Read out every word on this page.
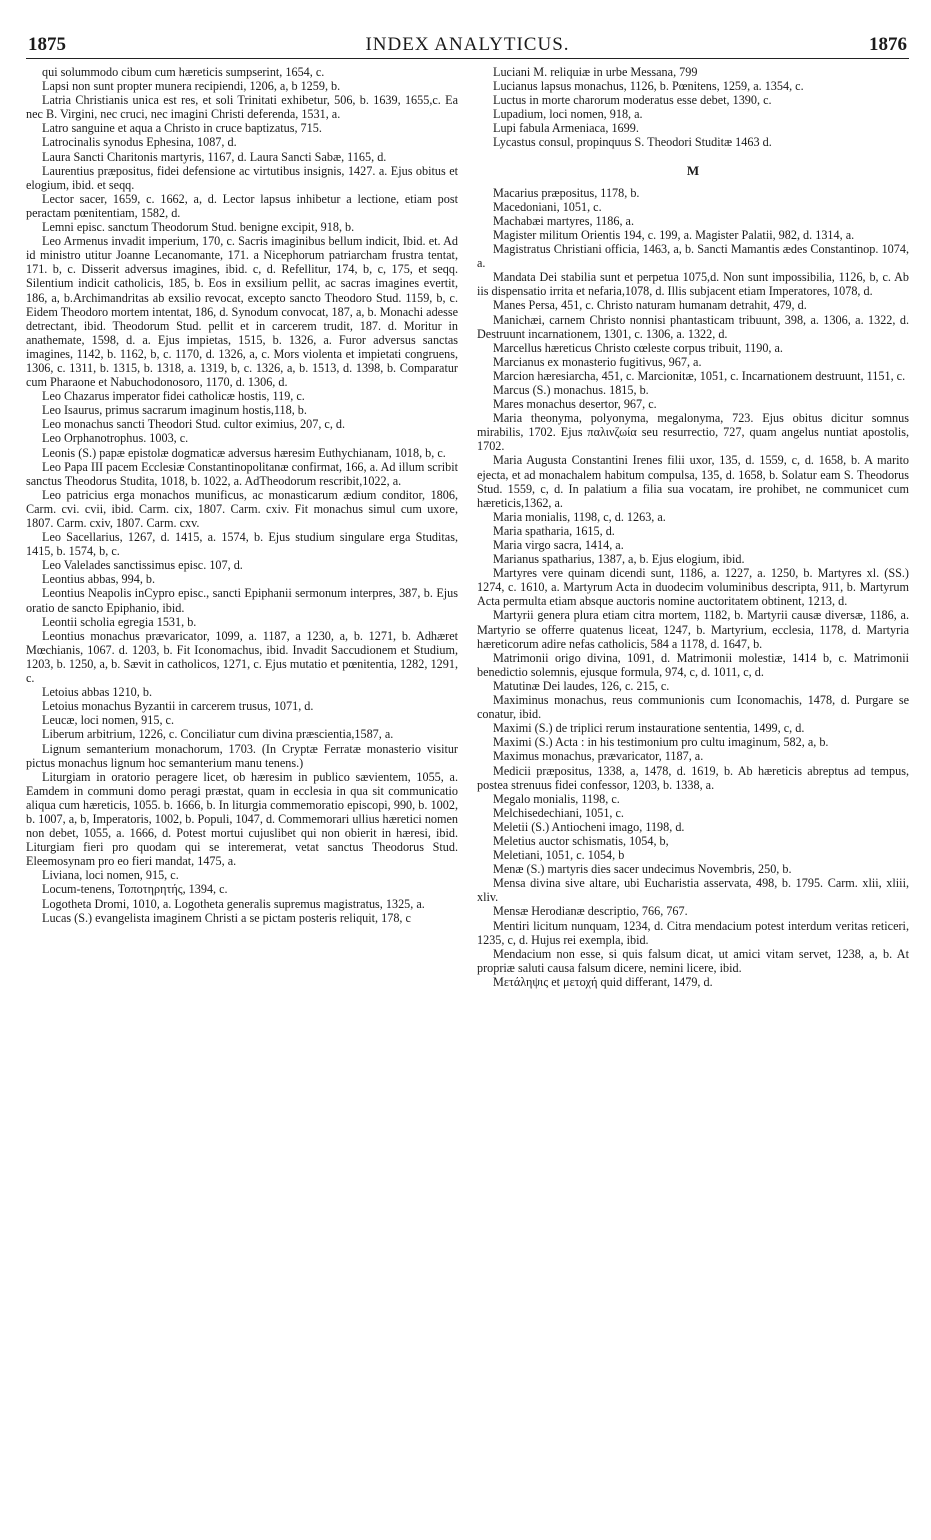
1875	INDEX ANALYTICUS.	1876

qui solummodo cibum cum hæreticis sumpserint, 1654, c.

Lapsi non sunt propter munera recipiendi, 1206, a, b 1259, b.

Latria Christianis unica est res, et soli Trinitati exhibetur, 506, b. 1639, 1655,c. Ea nec B. Virgini, nec cruci, nec imagini Christi deferenda, 1531, a.

Latro sanguine et aqua a Christo in cruce baptizatus, 715.

Latrocinalis synodus Ephesina, 1087, d.

Laura Sancti Charitonis martyris, 1167, d. Laura Sancti Sabæ, 1165, d.

Laurentius præpositus, fidei defensione ac virtutibus insignis, 1427. a. Ejus obitus et elogium, ibid. et seqq.

Lector sacer, 1659, c. 1662, a, d. Lector lapsus inhibetur a lectione, etiam post peractam pœnitentiam, 1582, d.

Lemni episc. sanctum Theodorum Stud. benigne excipit, 918, b.

Leo Armenus invadit imperium, 170, c. Sacris imaginibus bellum indicit, Ibid. et. Ad id ministro utitur Joanne Lecanomante, 171. a Nicephorum patriarcham frustra tentat, 171. b, c. Disserit adversus imagines, ibid. c, d. Refellitur, 174, b, c, 175, et seqq. Silentium indicit catholicis, 185, b. Eos in exsilium pellit, ac sacras imagines evertit, 186, a, b.Archimandritas ab exsilio revocat, excepto sancto Theodoro Stud. 1159, b, c. Eidem Theodoro mortem intentat, 186, d. Synodum convocat, 187, a, b. Monachi adesse detrectant, ibid. Theodorum Stud. pellit et in carcerem trudit, 187. d. Moritur in anathemate, 1598, d. a. Ejus impietas, 1515, b. 1326, a. Furor adversus sanctas imagines, 1142, b. 1162, b, c. 1170, d. 1326, a, c. Mors violenta et impietati congruens, 1306, c. 1311, b. 1315, b. 1318, a. 1319, b, c. 1326, a, b. 1513, d. 1398, b. Comparatur cum Pharaone et Nabuchodonosoro, 1170, d. 1306, d.

Leo Chazarus imperator fidei catholicæ hostis, 119, c.

Leo Isaurus, primus sacrarum imaginum hostis,118, b.

Leo monachus sancti Theodori Stud. cultor eximius, 207, c, d.

Leo Orphanotrophus. 1003, c.

Leonis (S.) papæ epistolæ dogmaticæ adversus hæresim Euthychianam, 1018, b, c.

Leo Papa III pacem Ecclesiæ Constantinopolitanæ confirmat, 166, a. Ad illum scribit sanctus Theodorus Studita, 1018, b. 1022, a. AdTheodorum rescribit,1022, a.

Leo patricius erga monachos munificus, ac monasticarum ædium conditor, 1806, Carm. cvi. cvii, ibid. Carm. cix, 1807. Carm. cxiv. Fit monachus simul cum uxore, 1807. Carm. cxiv, 1807. Carm. cxv.

Leo Sacellarius, 1267, d. 1415, a. 1574, b. Ejus studium singulare erga Studitas, 1415, b. 1574, b, c.

Leo Valelades sanctissimus episc. 107, d.

Leontius abbas, 994, b.

Leontius Neapolis inCypro episc., sancti Epiphanii sermonum interpres, 387, b. Ejus oratio de sancto Epiphanio, ibid.

Leontii scholia egregia 1531, b.

Leontius monachus prævaricator, 1099, a. 1187, a 1230, a, b. 1271, b. Adhæret Mœchianis, 1067. d. 1203, b. Fit Iconomachus, ibid. Invadit Saccudionem et Studium, 1203, b. 1250, a, b. Sævit in catholicos, 1271, c. Ejus mutatio et pœnitentia, 1282, 1291, c.

Letoius abbas 1210, b.

Letoius monachus Byzantii in carcerem trusus, 1071, d.

Leucæ, loci nomen, 915, c.

Liberum arbitrium, 1226, c. Conciliatur cum divina præscientia,1587, a.

Lignum semanterium monachorum, 1703. (In Cryptæ Ferratæ monasterio visitur pictus monachus lignum hoc semanterium manu tenens.)

Liturgiam in oratorio peragere licet, ob hæresim in publico sævientem, 1055, a. Eamdem in communi domo peragi præstat, quam in ecclesia in qua sit communicatio aliqua cum hæreticis, 1055. b. 1666, b. In liturgia commemoratio episcopi, 990, b. 1002, b. 1007, a, b, Imperatoris, 1002, b. Populi, 1047, d. Commemorari ullius hæretici nomen non debet, 1055, a. 1666, d. Potest mortui cujuslibet qui non obierit in hæresi, ibid. Liturgiam fieri pro quodam qui se interemerat, vetat sanctus Theodorus Stud. Eleemosynam pro eo fieri mandat, 1475, a.

Liviana, loci nomen, 915, c.

Locum-tenens, Τοποτηρητής, 1394, c.

Logotheta Dromi, 1010, a. Logotheta generalis supremus magistratus, 1325, a.

Lucas (S.) evangelista imaginem Christi a se pictam posteris reliquit, 178, c

Luciani M. reliquiæ in urbe Messana, 799

Lucianus lapsus monachus, 1126, b. Pœnitens, 1259, a. 1354, c.

Luctus in morte charorum moderatus esse debet, 1390, c.

Lupadium, loci nomen, 918, a.

Lupi fabula Armeniaca, 1699.

Lycastus consul, propinquus S. Theodori Studitæ 1463 d.

M

Macarius præpositus, 1178, b.

Macedoniani, 1051, c.

Machabæi martyres, 1186, a.

Magister militum Orientis 194, c. 199, a. Magister Palatii, 982, d. 1314, a.

Magistratus Christiani officia, 1463, a, b. Sancti Mamantis ædes Constantinop. 1074, a.

Mandata Dei stabilia sunt et perpetua 1075,d. Non sunt impossibilia, 1126, b, c. Ab iis dispensatio irrita et nefaria,1078, d. Illis subjacent etiam Imperatores, 1078, d.

Manes Persa, 451, c. Christo naturam humanam detrahit, 479, d.

Manichæi, carnem Christo nonnisi phantasticam tribuunt, 398, a. 1306, a. 1322, d. Destruunt incarnationem, 1301, c. 1306, a. 1322, d.

Marcellus hæreticus Christo cœleste corpus tribuit, 1190, a.

Marcianus ex monasterio fugitivus, 967, a.

Marcion hæresiarcha, 451, c. Marcionitæ, 1051, c. Incarnationem destruunt, 1151, c.

Marcus (S.) monachus. 1815, b.

Mares monachus desertor, 967, c.

Maria theonyma, polyonyma, megalonyma, 723. Ejus obitus dicitur somnus mirabilis, 1702. Ejus παλινζωία seu resurrectio, 727, quam angelus nuntiat apostolis, 1702.

Maria Augusta Constantini Irenes filii uxor, 135, d. 1559, c, d. 1658, b. A marito ejecta, et ad monachalem habitum compulsa, 135, d. 1658, b. Solatur eam S. Theodorus Stud. 1559, c, d. In palatium a filia sua vocatam, ire prohibet, ne communicet cum hæreticis,1362, a.

Maria monialis, 1198, c, d. 1263, a.

Maria spatharia, 1615, d.

Maria virgo sacra, 1414, a.

Marianus spatharius, 1387, a, b. Ejus elogium, ibid.

Martyres vere quinam dicendi sunt, 1186, a. 1227, a. 1250, b. Martyres xl. (SS.) 1274, c. 1610, a. Martyrum Acta in duodecim voluminibus descripta, 911, b. Martyrum Acta permulta etiam absque auctoris nomine auctoritatem obtinent, 1213, d.

Martyrii genera plura etiam citra mortem, 1182, b. Martyrii causæ diversæ, 1186, a. Martyrio se offerre quatenus liceat, 1247, b. Martyrium, ecclesia, 1178, d. Martyria hæreticorum adire nefas catholicis, 584 a 1178, d. 1647, b.

Matrimonii origo divina, 1091, d. Matrimonii molestiæ, 1414 b, c. Matrimonii benedictio solemnis, ejusque formula, 974, c, d. 1011, c, d.

Matutinæ Dei laudes, 126, c. 215, c.

Maximinus monachus, reus communionis cum Iconomachis, 1478, d. Purgare se conatur, ibid.

Maximi (S.) de triplici rerum instauratione sententia, 1499, c, d.

Maximi (S.) Acta : in his testimonium pro cultu imaginum, 582, a, b.

Maximus monachus, prævaricator, 1187, a.

Medicii præpositus, 1338, a, 1478, d. 1619, b. Ab hæreticis abreptus ad tempus, postea strenuus fidei confessor, 1203, b. 1338, a.

Megalo monialis, 1198, c.

Melchisedechiani, 1051, c.

Meletii (S.) Antiocheni imago, 1198, d.

Meletius auctor schismatis, 1054, b,

Meletiani, 1051, c. 1054, b

Menæ (S.) martyris dies sacer undecimus Novembris, 250, b.

Mensa divina sive altare, ubi Eucharistia asservata, 498, b. 1795. Carm. xlii, xliii, xliv.

Mensæ Herodianæ descriptio, 766, 767.

Mentiri licitum nunquam, 1234, d. Citra mendacium potest interdum veritas reticeri, 1235, c, d. Hujus rei exempla, ibid.

Mendacium non esse, si quis falsum dicat, ut amici vitam servet, 1238, a, b. At propriæ saluti causa falsum dicere, nemini licere, ibid.

Μετάληψις et μετοχή quid differant, 1479, d.
